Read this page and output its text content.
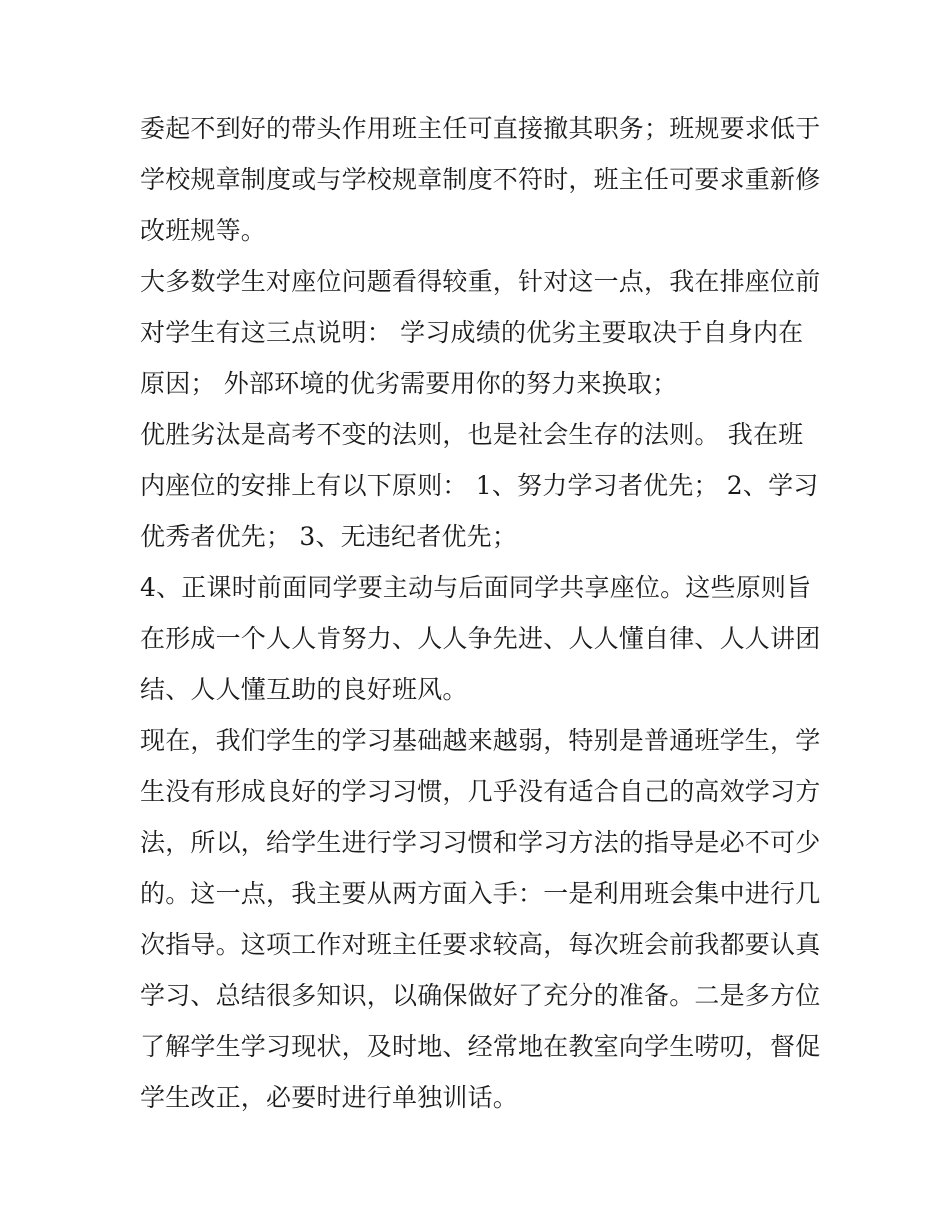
委起不到好的带头作用班主任可直接撤其职务；班规要求低于
学校规章制度或与学校规章制度不符时，班主任可要求重新修
改班规等。
大多数学生对座位问题看得较重，针对这一点，我在排座位前
对学生有这三点说明： 学习成绩的优劣主要取决于自身内在
原因； 外部环境的优劣需要用你的努力来换取；
优胜劣汰是高考不变的法则，也是社会生存的法则。 我在班
内座位的安排上有以下原则： 1、努力学习者优先； 2、学习
优秀者优先； 3、无违纪者优先；
4、正课时前面同学要主动与后面同学共享座位。这些原则旨
在形成一个人人肯努力、人人争先进、人人懂自律、人人讲团
结、人人懂互助的良好班风。
现在，我们学生的学习基础越来越弱，特别是普通班学生，学
生没有形成良好的学习习惯，几乎没有适合自己的高效学习方
法，所以，给学生进行学习习惯和学习方法的指导是必不可少
的。这一点，我主要从两方面入手：一是利用班会集中进行几
次指导。这项工作对班主任要求较高，每次班会前我都要认真
学习、总结很多知识，以确保做好了充分的准备。二是多方位
了解学生学习现状，及时地、经常地在教室向学生唠叨，督促
学生改正，必要时进行单独训话。
